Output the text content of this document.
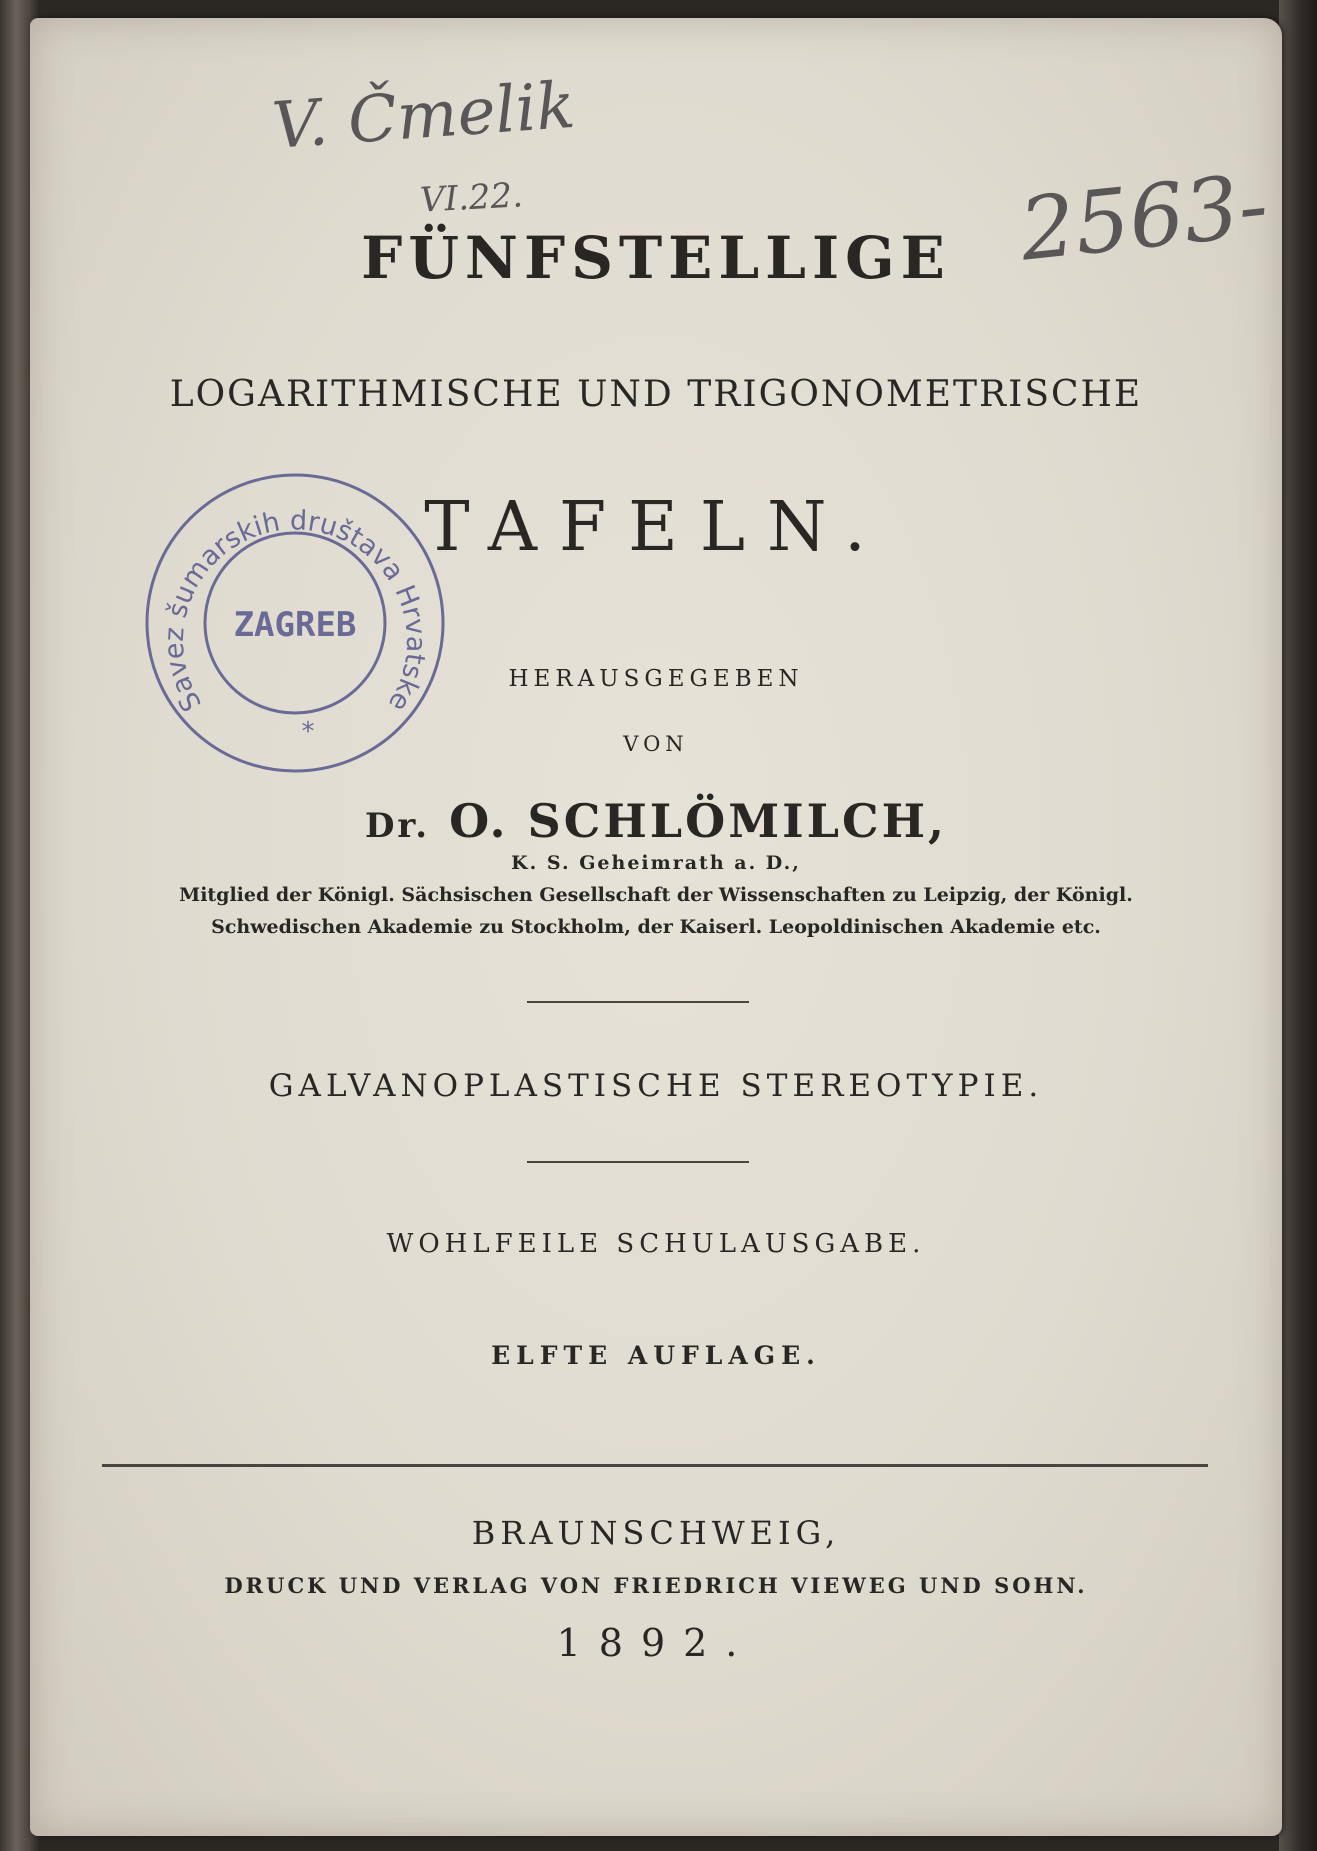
V. Čmelik
VI.22.	2563-
FÜNFSTELLIGE
LOGARITHMISCHE UND TRIGONOMETRISCHE
TAFELN.
Savez šumarskih društava Hrvatske
ZAGREB
*
HERAUSGEGEBEN
VON
Dr. O. SCHLÖMILCH,
K. S. Geheimrath a. D.,
Mitglied der Königl. Sächsischen Gesellschaft der Wissenschaften zu Leipzig, der Königl.
Schwedischen Akademie zu Stockholm, der Kaiserl. Leopoldinischen Akademie etc.
GALVANOPLASTISCHE STEREOTYPIE.
WOHLFEILE SCHULAUSGABE.
ELFTE AUFLAGE.
BRAUNSCHWEIG,
DRUCK UND VERLAG VON FRIEDRICH VIEWEG UND SOHN.
1892.
